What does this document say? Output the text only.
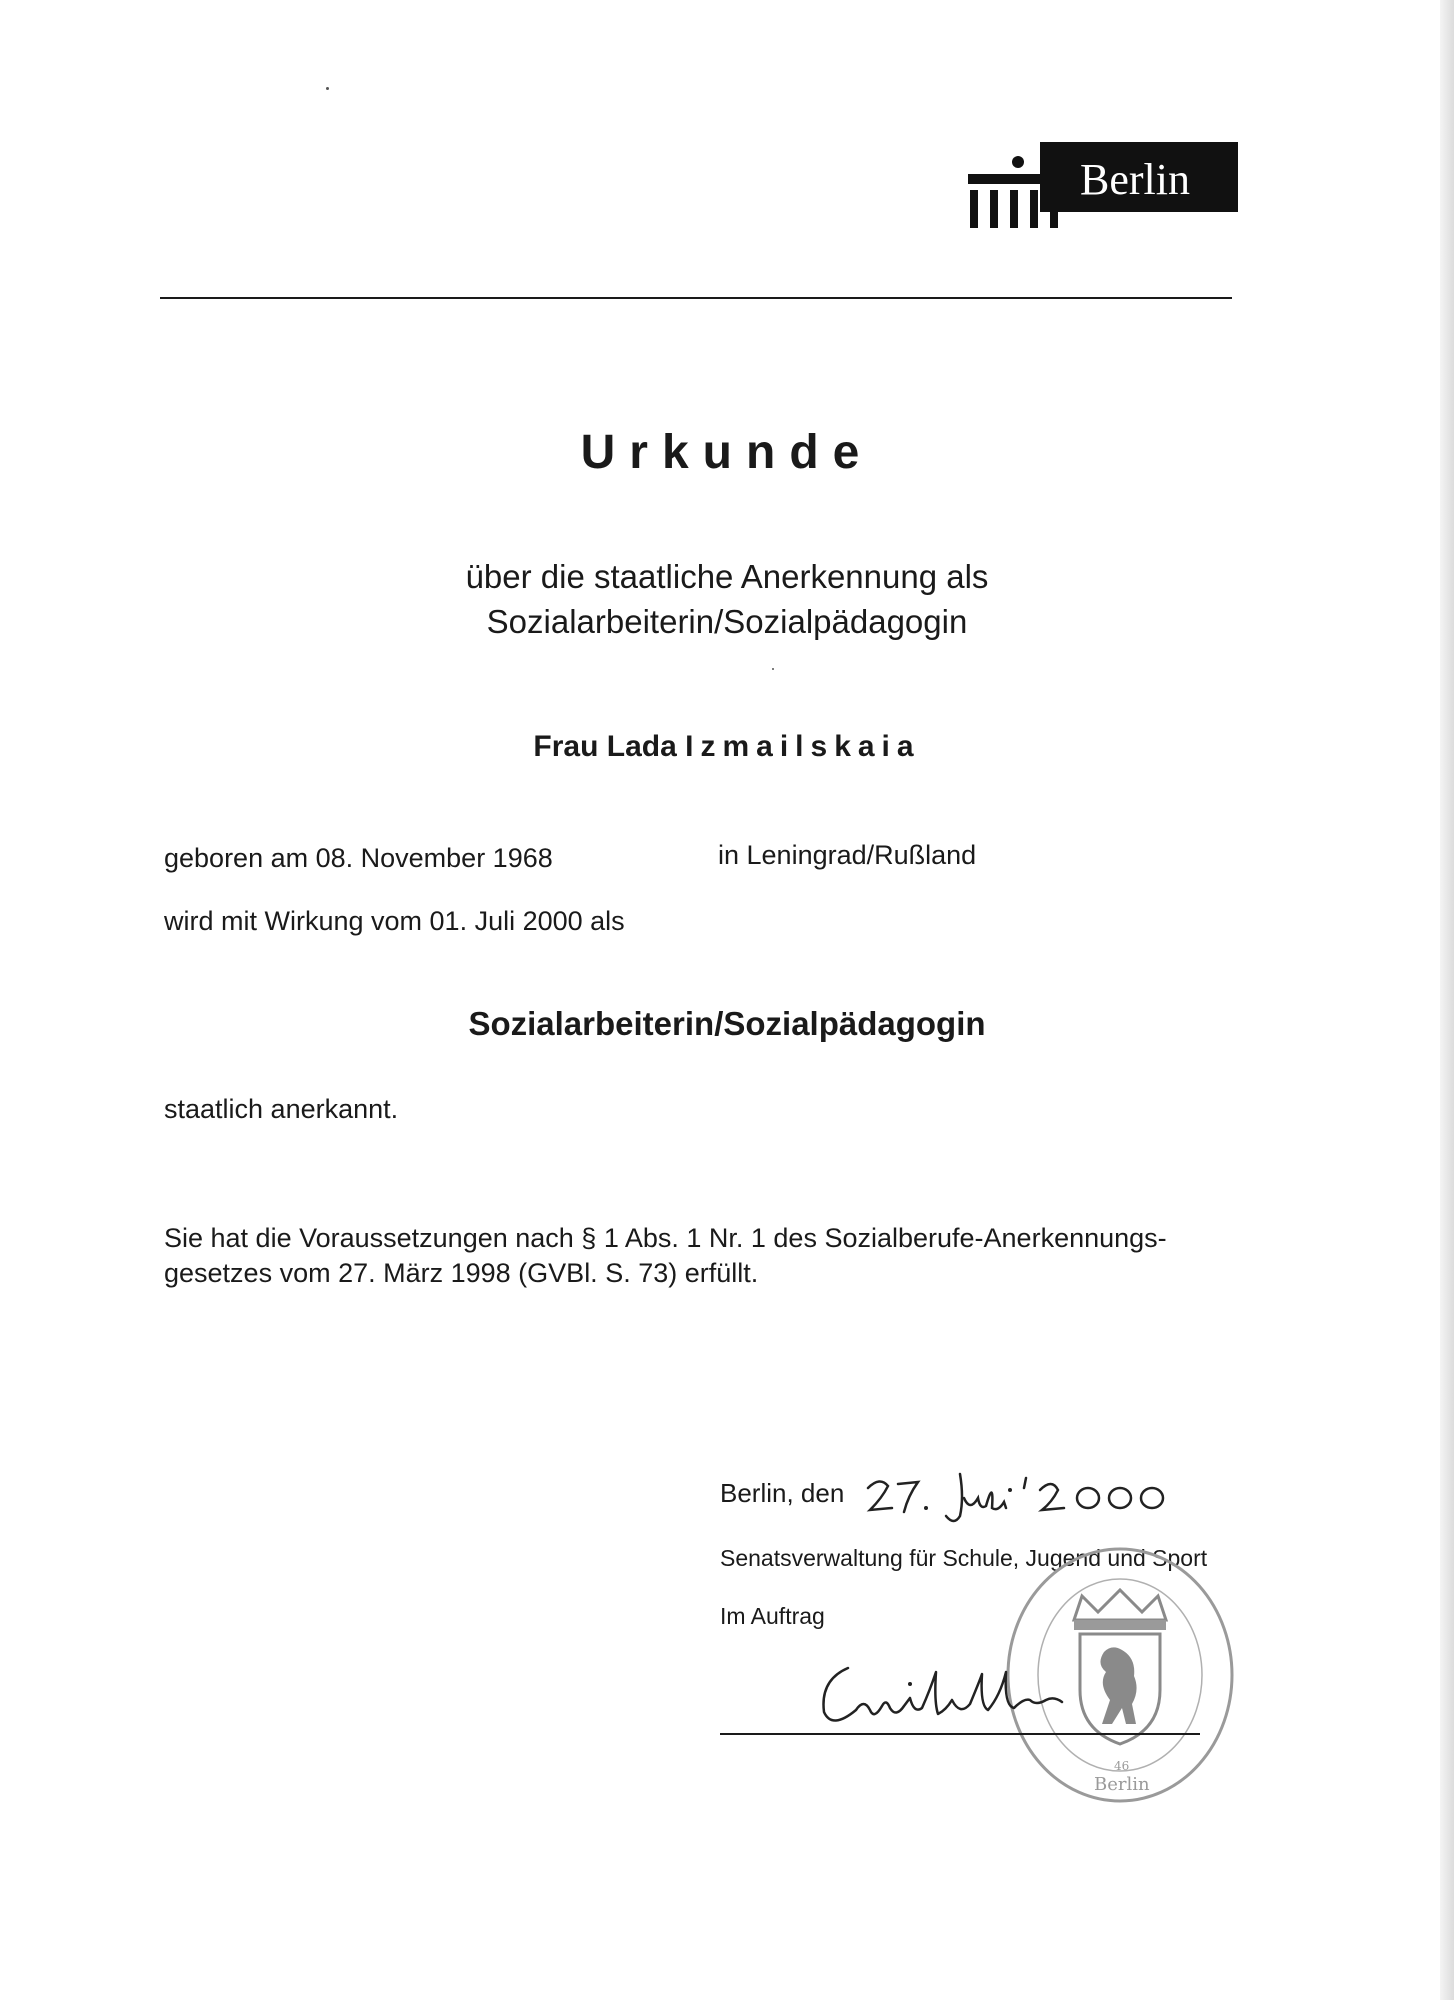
Berlin
Urkunde
über die staatliche Anerkennung als
Sozialarbeiterin/Sozialpädagogin
Frau Lada Izmailskaia
geboren am 08. November 1968	in Leningrad/Rußland
wird mit Wirkung vom 01. Juli 2000 als
Sozialarbeiterin/Sozialpädagogin
staatlich anerkannt.
Sie hat die Voraussetzungen nach § 1 Abs. 1 Nr. 1 des Sozialberufe-Anerkennungs-
gesetzes vom 27. März 1998 (GVBl. S. 73) erfüllt.
Berlin, den
Senatsverwaltung für Schule, Jugend und Sport
Im Auftrag
46
Berlin
